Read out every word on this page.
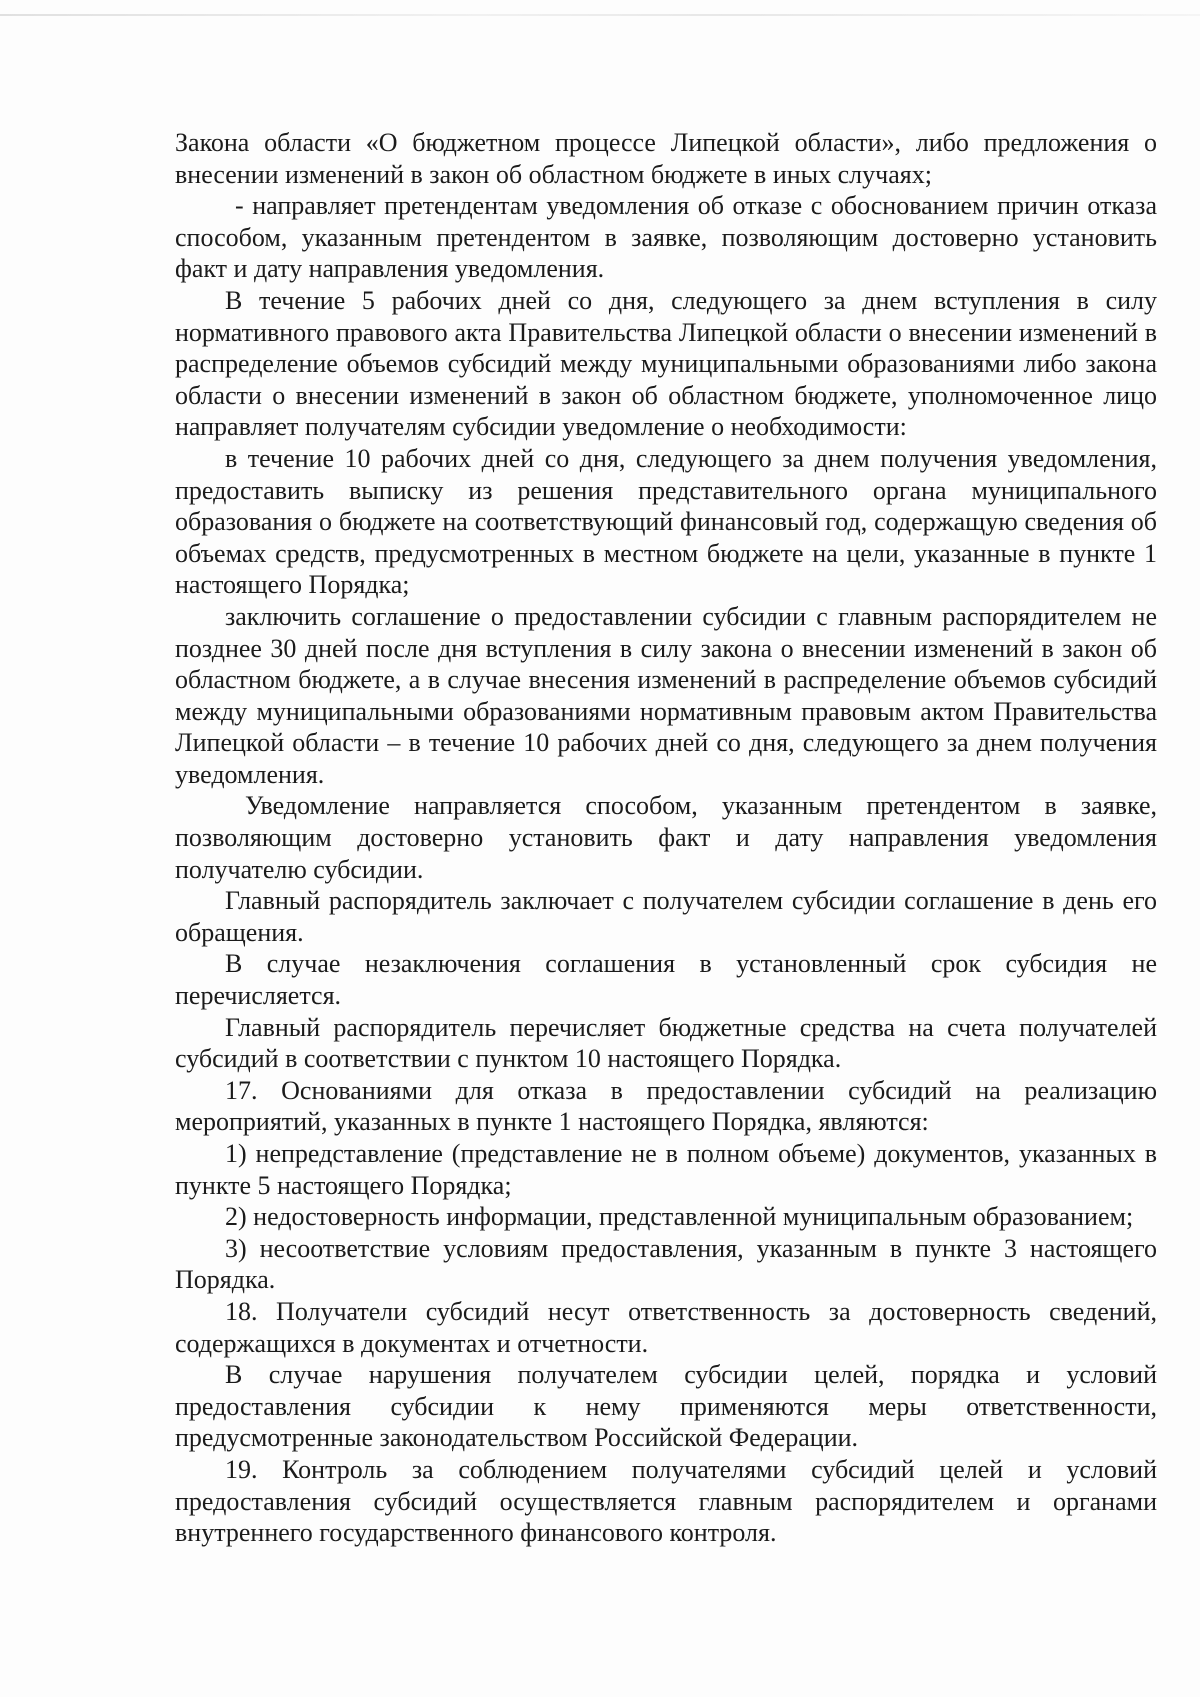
Закона области «О бюджетном процессе Липецкой области», либо предложения о внесении изменений в закон об областном бюджете в иных случаях;

- направляет претендентам уведомления об отказе с обоснованием причин отказа способом, указанным претендентом в заявке, позволяющим достоверно установить факт и дату направления уведомления.

В течение 5 рабочих дней со дня, следующего за днем вступления в силу нормативного правового акта Правительства Липецкой области о внесении изменений в распределение объемов субсидий между муниципальными образованиями либо закона области о внесении изменений в закон об областном бюджете, уполномоченное лицо направляет получателям субсидии уведомление о необходимости:

в течение 10 рабочих дней со дня, следующего за днем получения уведомления, предоставить выписку из решения представительного органа муниципального образования о бюджете на соответствующий финансовый год, содержащую сведения об объемах средств, предусмотренных в местном бюджете на цели, указанные в пункте 1 настоящего Порядка;

заключить соглашение о предоставлении субсидии с главным распорядителем не позднее 30 дней после дня вступления в силу закона о внесении изменений в закон об областном бюджете, а в случае внесения изменений в распределение объемов субсидий между муниципальными образованиями нормативным правовым актом Правительства Липецкой области – в течение 10 рабочих дней со дня, следующего за днем получения уведомления.

Уведомление направляется способом, указанным претендентом в заявке, позволяющим достоверно установить факт и дату направления уведомления получателю субсидии.

Главный распорядитель заключает с получателем субсидии соглашение в день его обращения.

В случае незаключения соглашения в установленный срок субсидия не перечисляется.

Главный распорядитель перечисляет бюджетные средства на счета получателей субсидий в соответствии с пунктом 10 настоящего Порядка.

17. Основаниями для отказа в предоставлении субсидий на реализацию мероприятий, указанных в пункте 1 настоящего Порядка, являются:

1) непредставление (представление не в полном объеме) документов, указанных в пункте 5 настоящего Порядка;

2) недостоверность информации, представленной муниципальным образованием;

3) несоответствие условиям предоставления, указанным в пункте 3 настоящего Порядка.

18. Получатели субсидий несут ответственность за достоверность сведений, содержащихся в документах и отчетности.

В случае нарушения получателем субсидии целей, порядка и условий предоставления субсидии к нему применяются меры ответственности, предусмотренные законодательством Российской Федерации.

19. Контроль за соблюдением получателями субсидий целей и условий предоставления субсидий осуществляется главным распорядителем и органами внутреннего государственного финансового контроля.
